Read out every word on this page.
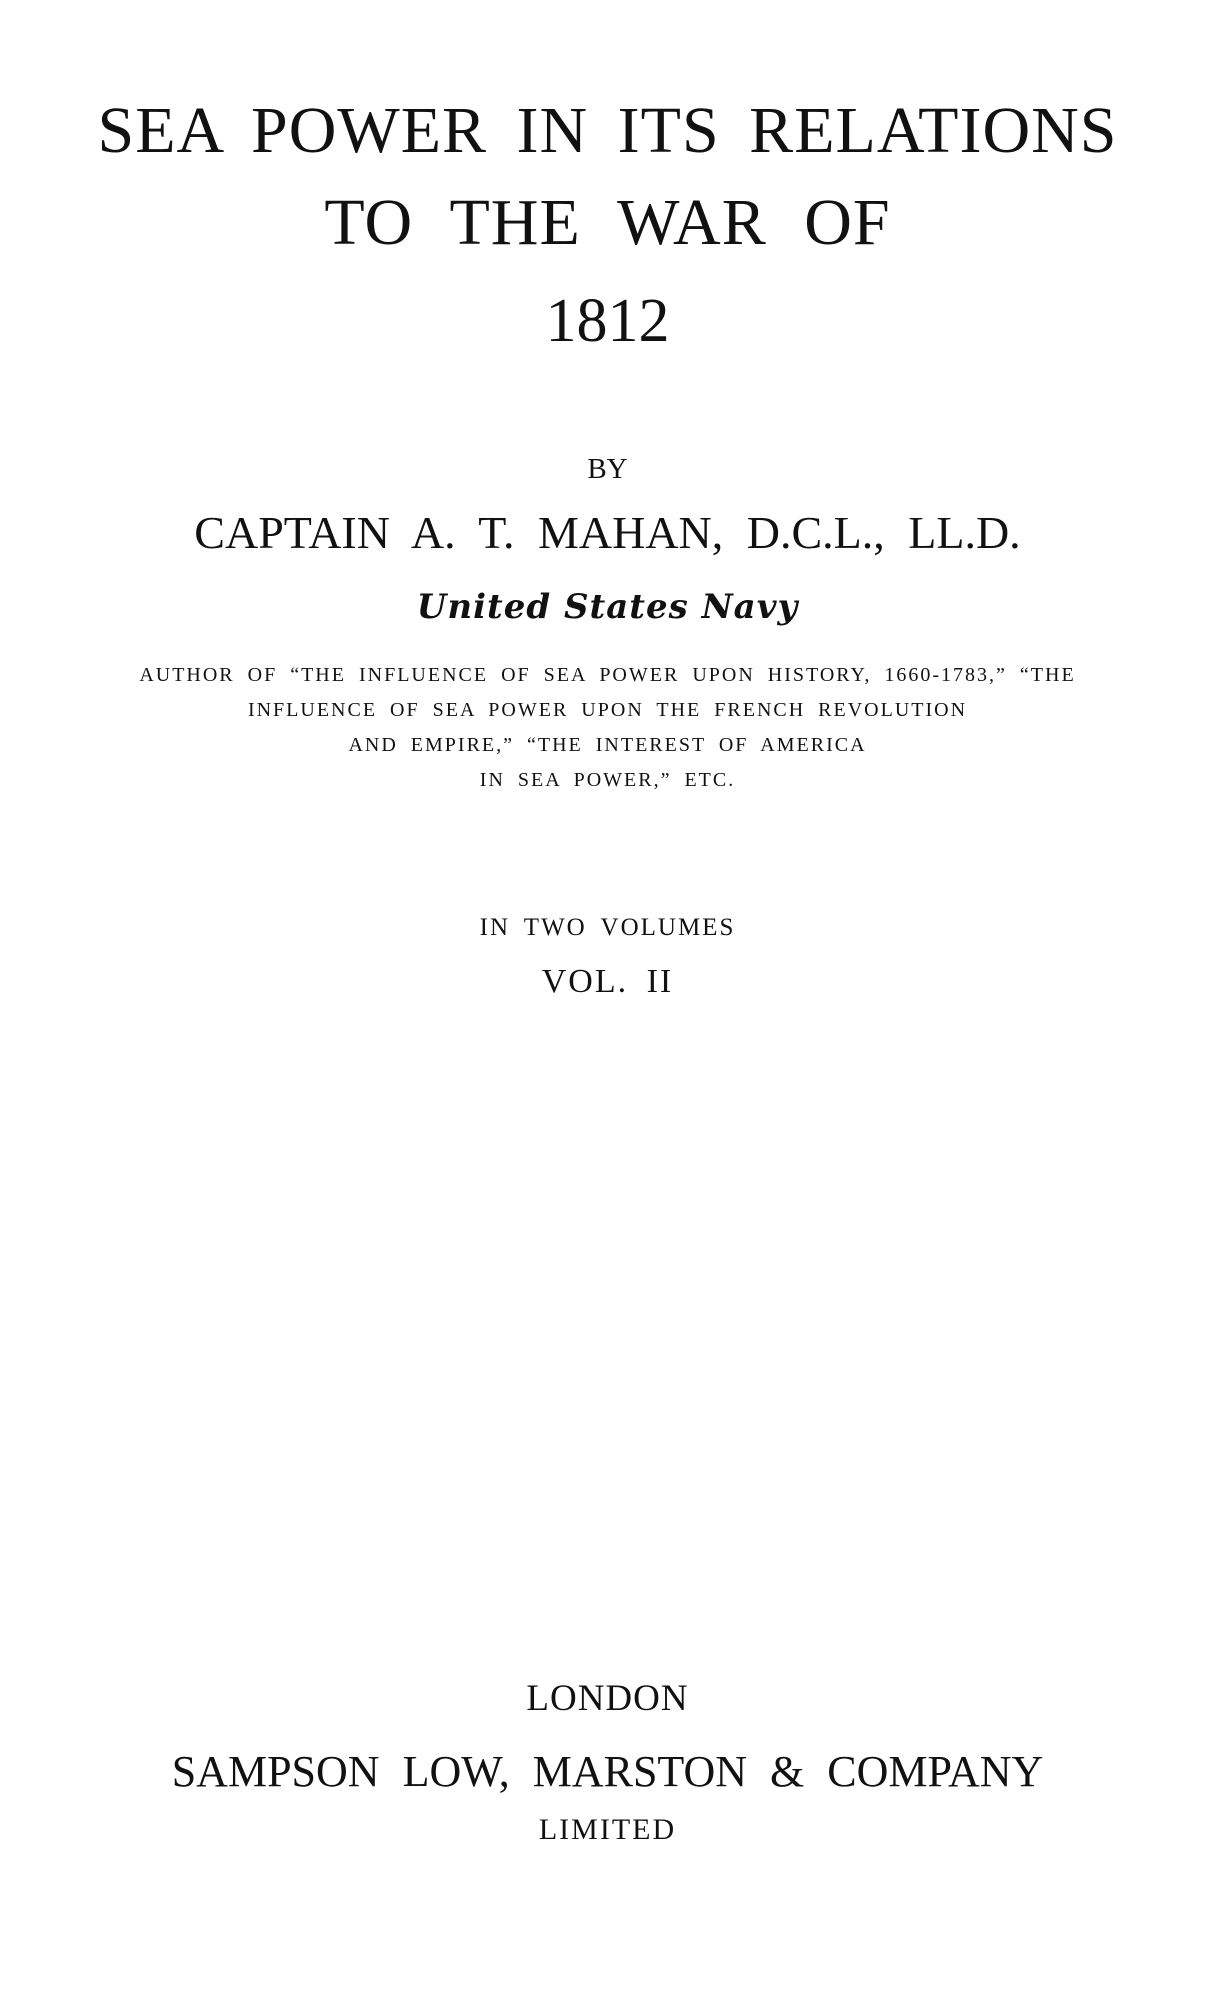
SEA POWER IN ITS RELATIONS
TO THE WAR OF
1812
BY
CAPTAIN A. T. MAHAN, D.C.L., LL.D.
United States Navy
AUTHOR OF “THE INFLUENCE OF SEA POWER UPON HISTORY, 1660-1783,” “THE
INFLUENCE OF SEA POWER UPON THE FRENCH REVOLUTION
AND EMPIRE,” “THE INTEREST OF AMERICA
IN SEA POWER,” ETC.
IN TWO VOLUMES
VOL. II
LONDON
SAMPSON LOW, MARSTON & COMPANY
LIMITED
